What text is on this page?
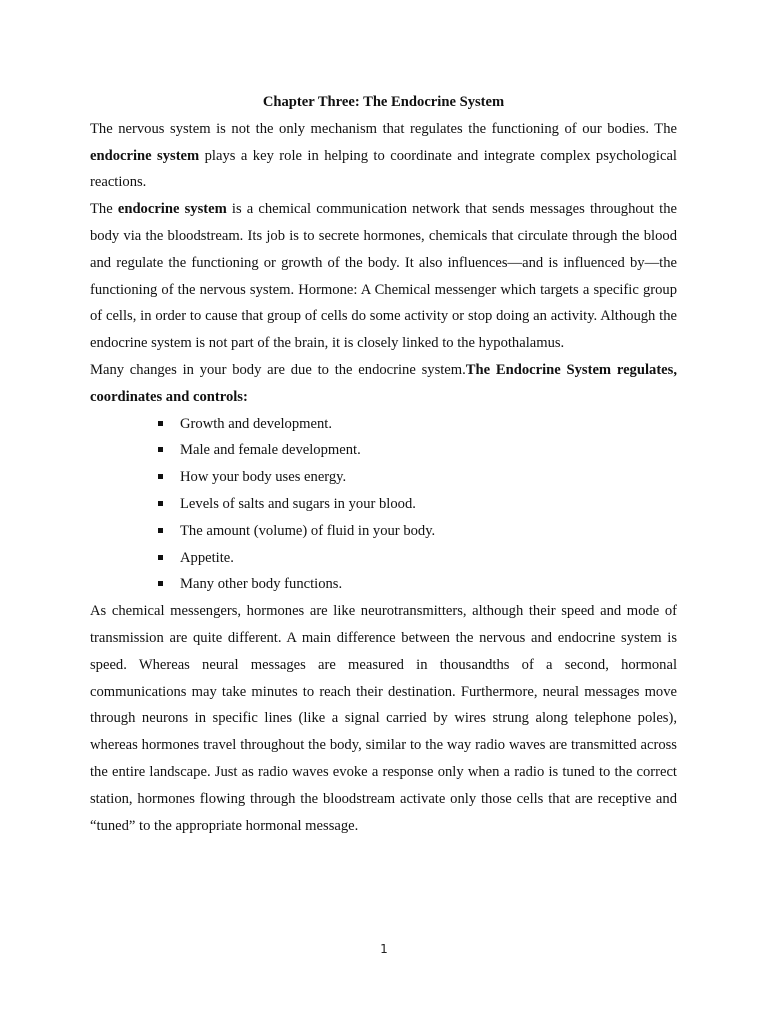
Chapter Three: The Endocrine System

The nervous system is not the only mechanism that regulates the functioning of our bodies. The endocrine system plays a key role in helping to coordinate and integrate complex psychological reactions.

The endocrine system is a chemical communication network that sends messages throughout the body via the bloodstream. Its job is to secrete hormones, chemicals that circulate through the blood and regulate the functioning or growth of the body. It also influences—and is influenced by—the functioning of the nervous system. Hormone: A Chemical messenger which targets a specific group of cells, in order to cause that group of cells do some activity or stop doing an activity. Although the endocrine system is not part of the brain, it is closely linked to the hypothalamus.

Many changes in your body are due to the endocrine system.The Endocrine System regulates, coordinates and controls:

Growth and development.
Male and female development.
How your body uses energy.
Levels of salts and sugars in your blood.
The amount (volume) of fluid in your body.
Appetite.
Many other body functions.

As chemical messengers, hormones are like neurotransmitters, although their speed and mode of transmission are quite different. A main difference between the nervous and endocrine system is speed. Whereas neural messages are measured in thousandths of a second, hormonal communications may take minutes to reach their destination. Furthermore, neural messages move through neurons in specific lines (like a signal carried by wires strung along telephone poles), whereas hormones travel throughout the body, similar to the way radio waves are transmitted across the entire landscape. Just as radio waves evoke a response only when a radio is tuned to the correct station, hormones flowing through the bloodstream activate only those cells that are receptive and “tuned” to the appropriate hormonal message.

1
